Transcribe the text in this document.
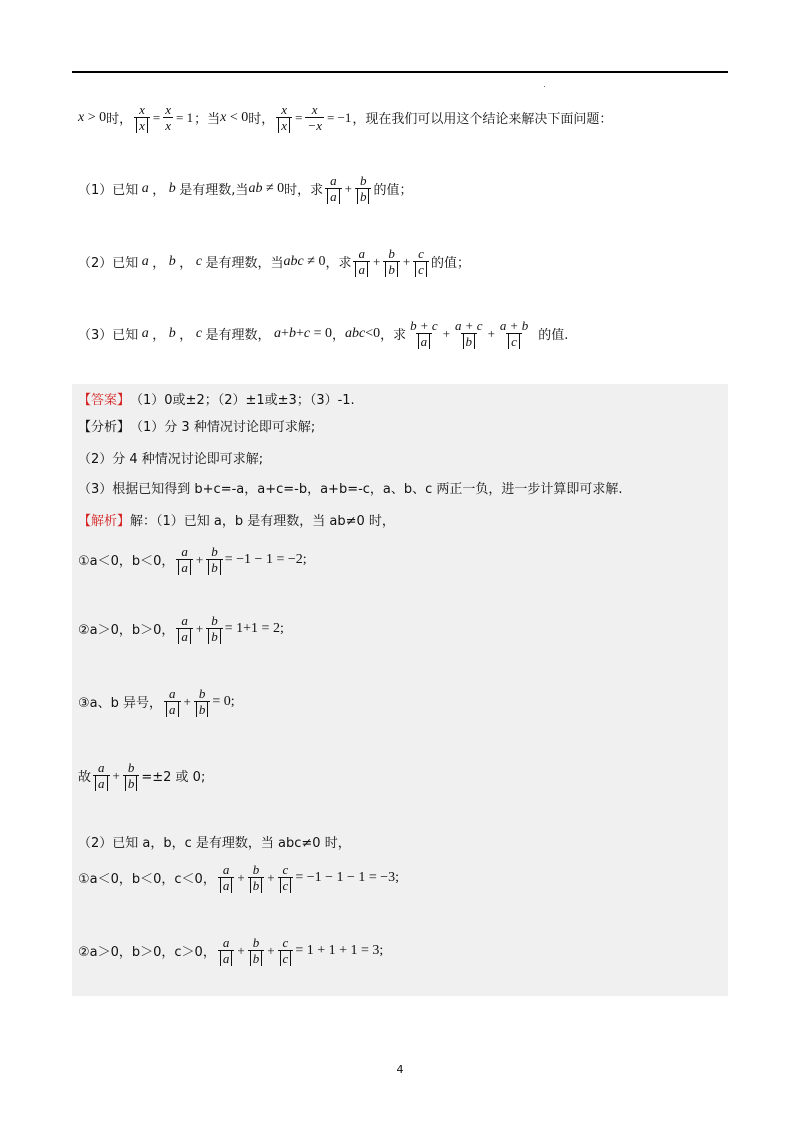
x > 0 时， $\frac{x}{x} = \frac{x}{x} = 1$ ；当 x < 0 时， $\frac{x}{x} = \frac{x}{-x} = -1$ ，现在我们可以用这个结论来解决下面问题：
（1）已知 a ， b 是有理数,当 ab ≠ 0 时，求 $\frac{a}{a} + \frac{b}{b}$ 的值；
（2）已知 a ， b ， c 是有理数，当 abc ≠ 0 ，求 $\frac{a}{a} + \frac{b}{b} + \frac{c}{c}$ 的值；
（3）已知 a ， b ， c 是有理数， a + b + c = 0 ， abc <0 ，求 $\frac{b + c}{a} + \frac{a + c}{b} + \frac{a + b}{c}$ 的值.
【答案】 （1）0或±2；（2）±1或±3；（3）-1.
【分析】 （1）分 3 种情况讨论即可求解;
（2）分 4 种情况讨论即可求解;
（3）根据已知得到 b+c=-a，a+c=-b，a+b=-c，a、b、c 两正一负，进一步计算即可求解.
【解析】 解：（1）已知 a，b 是有理数，当 ab≠0 时，
①a＜0，b＜0， $\frac{a}{a} + \frac{b}{b} = -1 - 1 = -2$;
②a＞0，b＞0， $\frac{a}{a} + \frac{b}{b} = 1+1 = 2$;
③a、b 异号， $\frac{a}{a} + \frac{b}{b} = 0$;
故 $\frac{a}{a} + \frac{b}{b} =\pm 2$ 或 0;
（2）已知 a，b，c 是有理数，当 abc≠0 时，
①a＜0，b＜0，c＜0， $\frac{a}{a} + \frac{b}{b} + \frac{c}{c} = -1 - 1 - 1 = -3$;
②a＞0，b＞0，c＞0， $\frac{a}{a} + \frac{b}{b} + \frac{c}{c} = 1 + 1 + 1 = 3$;
4
